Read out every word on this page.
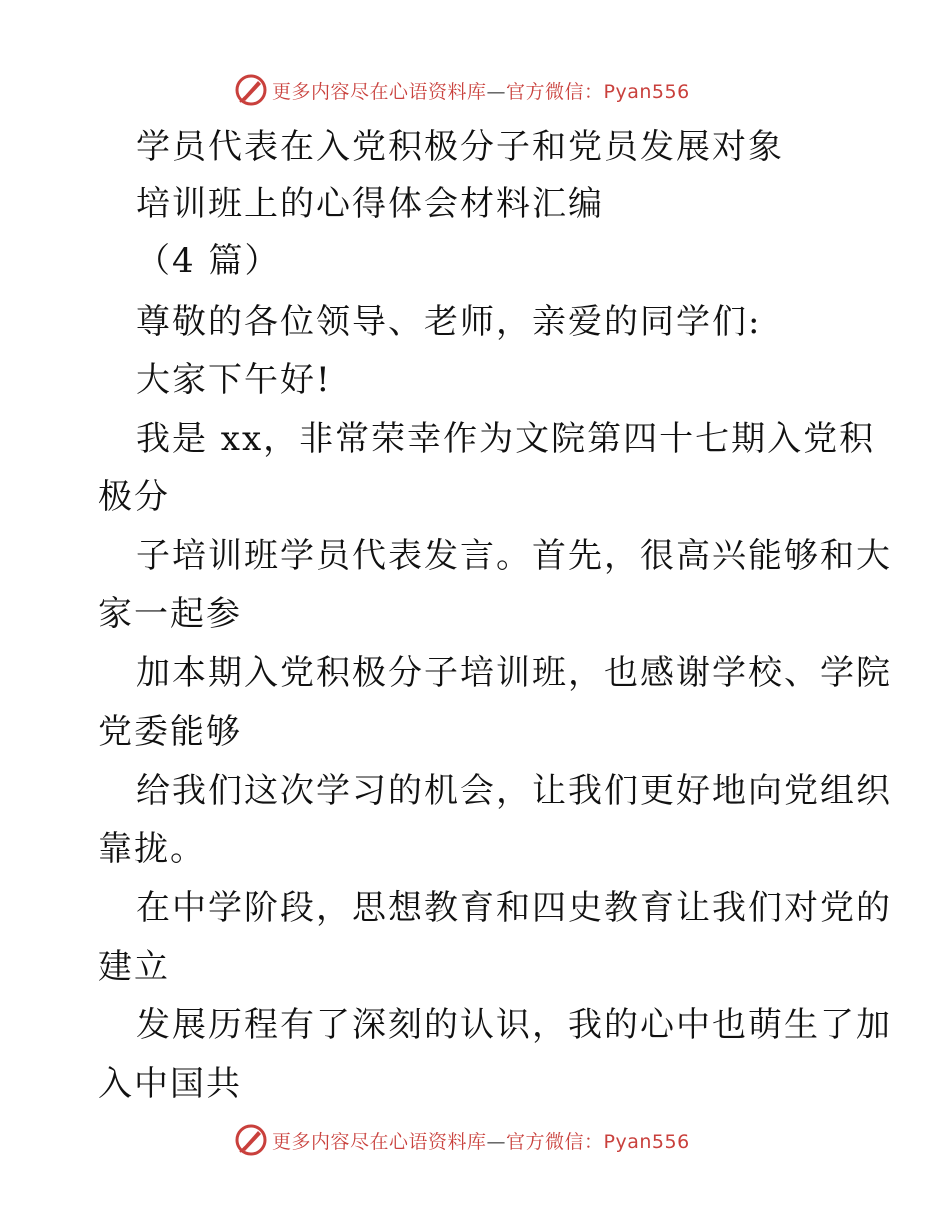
更多内容尽在心语资料库—官方微信：Pyan556
学员代表在入党积极分子和党员发展对象
培训班上的心得体会材料汇编
（4 篇）
尊敬的各位领导、老师，亲爱的同学们:
大家下午好!
我是 xx，非常荣幸作为文院第四十七期入党积
极分
子培训班学员代表发言。首先，很高兴能够和大
家一起参
加本期入党积极分子培训班，也感谢学校、学院
党委能够
给我们这次学习的机会，让我们更好地向党组织
靠拢。
在中学阶段，思想教育和四史教育让我们对党的
建立
发展历程有了深刻的认识，我的心中也萌生了加
入中国共
更多内容尽在心语资料库—官方微信：Pyan556
